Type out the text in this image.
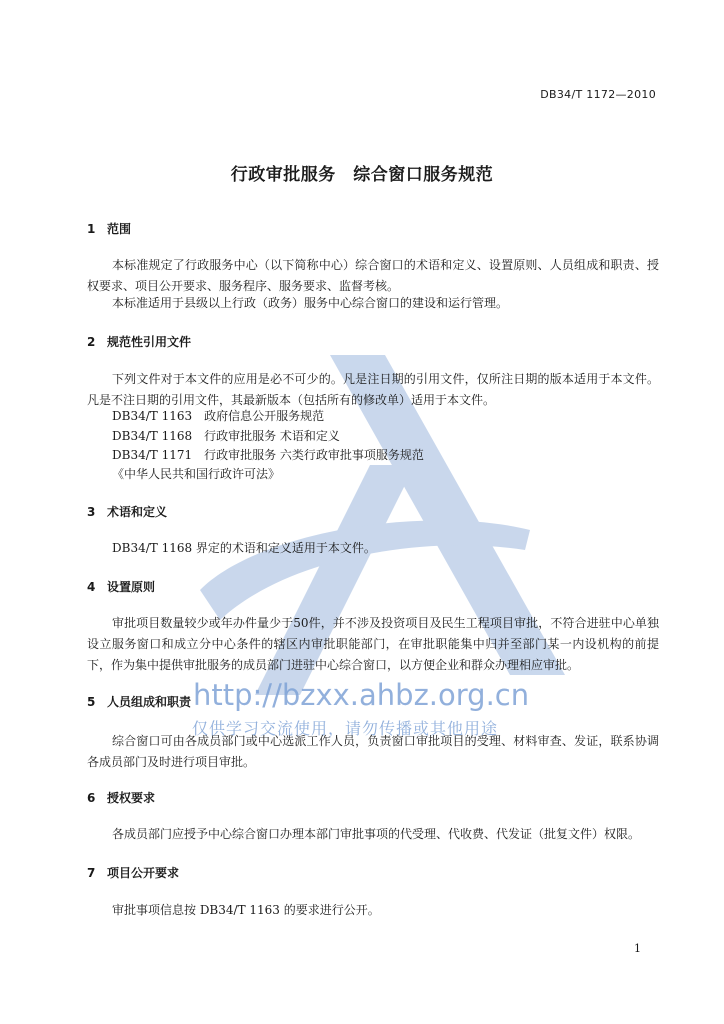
DB34/T 1172—2010
行政审批服务　综合窗口服务规范
1 范围
本标准规定了行政服务中心（以下简称中心）综合窗口的术语和定义、设置原则、人员组成和职责、授权要求、项目公开要求、服务程序、服务要求、监督考核。
本标准适用于县级以上行政（政务）服务中心综合窗口的建设和运行管理。
2 规范性引用文件
下列文件对于本文件的应用是必不可少的。凡是注日期的引用文件，仅所注日期的版本适用于本文件。凡是不注日期的引用文件，其最新版本（包括所有的修改单）适用于本文件。
DB34/T 1163　政府信息公开服务规范
DB34/T 1168　行政审批服务 术语和定义
DB34/T 1171　行政审批服务 六类行政审批事项服务规范
《中华人民共和国行政许可法》
3 术语和定义
DB34/T 1168 界定的术语和定义适用于本文件。
4 设置原则
审批项目数量较少或年办件量少于50件，并不涉及投资项目及民生工程项目审批，不符合进驻中心单独设立服务窗口和成立分中心条件的辖区内审批职能部门，在审批职能集中归并至部门某一内设机构的前提下，作为集中提供审批服务的成员部门进驻中心综合窗口，以方便企业和群众办理相应审批。
5 人员组成和职责
综合窗口可由各成员部门或中心选派工作人员，负责窗口审批项目的受理、材料审查、发证，联系协调各成员部门及时进行项目审批。
6 授权要求
各成员部门应授予中心综合窗口办理本部门审批事项的代受理、代收费、代发证（批复文件）权限。
7 项目公开要求
审批事项信息按 DB34/T 1163 的要求进行公开。
1
http://bzxx.ahbz.org.cn
仅供学习交流使用，请勿传播或其他用途
